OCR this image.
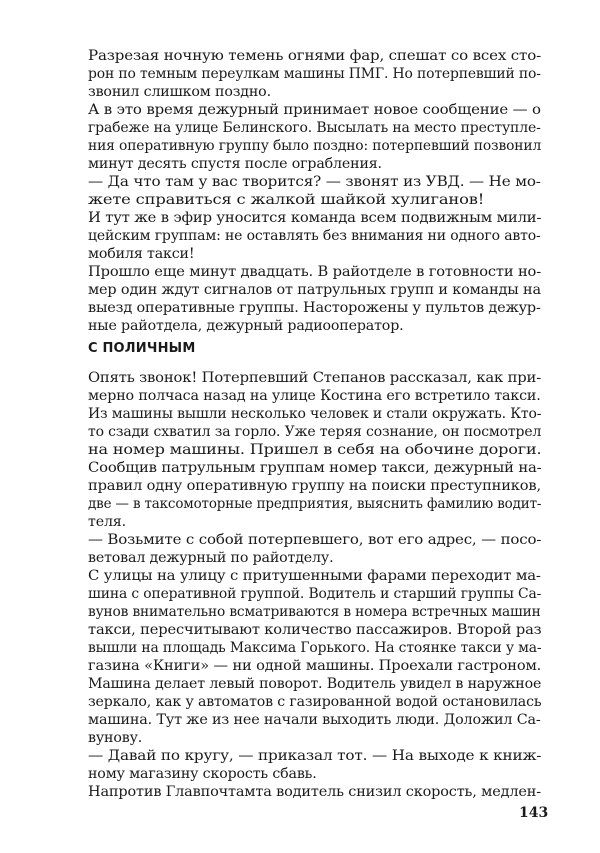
Разрезая ночную темень огнями фар, спешат со всех сто-
рон по темным переулкам машины ПМГ. Но потерпевший по-
звонил слишком поздно.
А в это время дежурный принимает новое сообщение — о
грабеже на улице Белинского. Высылать на место преступле-
ния оперативную группу было поздно: потерпевший позвонил
минут десять спустя после ограбления.
— Да что там у вас творится? — звонят из УВД. — Не мо-
жете справиться с жалкой шайкой хулиганов!
И тут же в эфир уносится команда всем подвижным мили-
цейским группам: не оставлять без внимания ни одного авто-
мобиля такси!
Прошло еще минут двадцать. В райотделе в готовности но-
мер один ждут сигналов от патрульных групп и команды на
выезд оперативные группы. Насторожены у пультов дежур-
ные райотдела, дежурный радиооператор.
С ПОЛИЧНЫМ
Опять звонок! Потерпевший Степанов рассказал, как при-
мерно полчаса назад на улице Костина его встретило такси.
Из машины вышли несколько человек и стали окружать. Кто-
то сзади схватил за горло. Уже теряя сознание, он посмотрел
на номер машины. Пришел в себя на обочине дороги.
Сообщив патрульным группам номер такси, дежурный на-
правил одну оперативную группу на поиски преступников,
две — в таксомоторные предприятия, выяснить фамилию водит-
теля.
— Возьмите с собой потерпевшего, вот его адрес, — посо-
ветовал дежурный по райотделу.
С улицы на улицу с притушенными фарами переходит ма-
шина с оперативной группой. Водитель и старший группы Са-
вунов внимательно всматриваются в номера встречных машин
такси, пересчитывают количество пассажиров. Второй раз
вышли на площадь Максима Горького. На стоянке такси у ма-
газина «Книги» — ни одной машины. Проехали гастроном.
Машина делает левый поворот. Водитель увидел в наружное
зеркало, как у автоматов с газированной водой остановилась
машина. Тут же из нее начали выходить люди. Доложил Са-
вунову.
— Давай по кругу, — приказал тот. — На выходе к книж-
ному магазину скорость сбавь.
Напротив Главпочтамта водитель снизил скорость, медлен-
143
